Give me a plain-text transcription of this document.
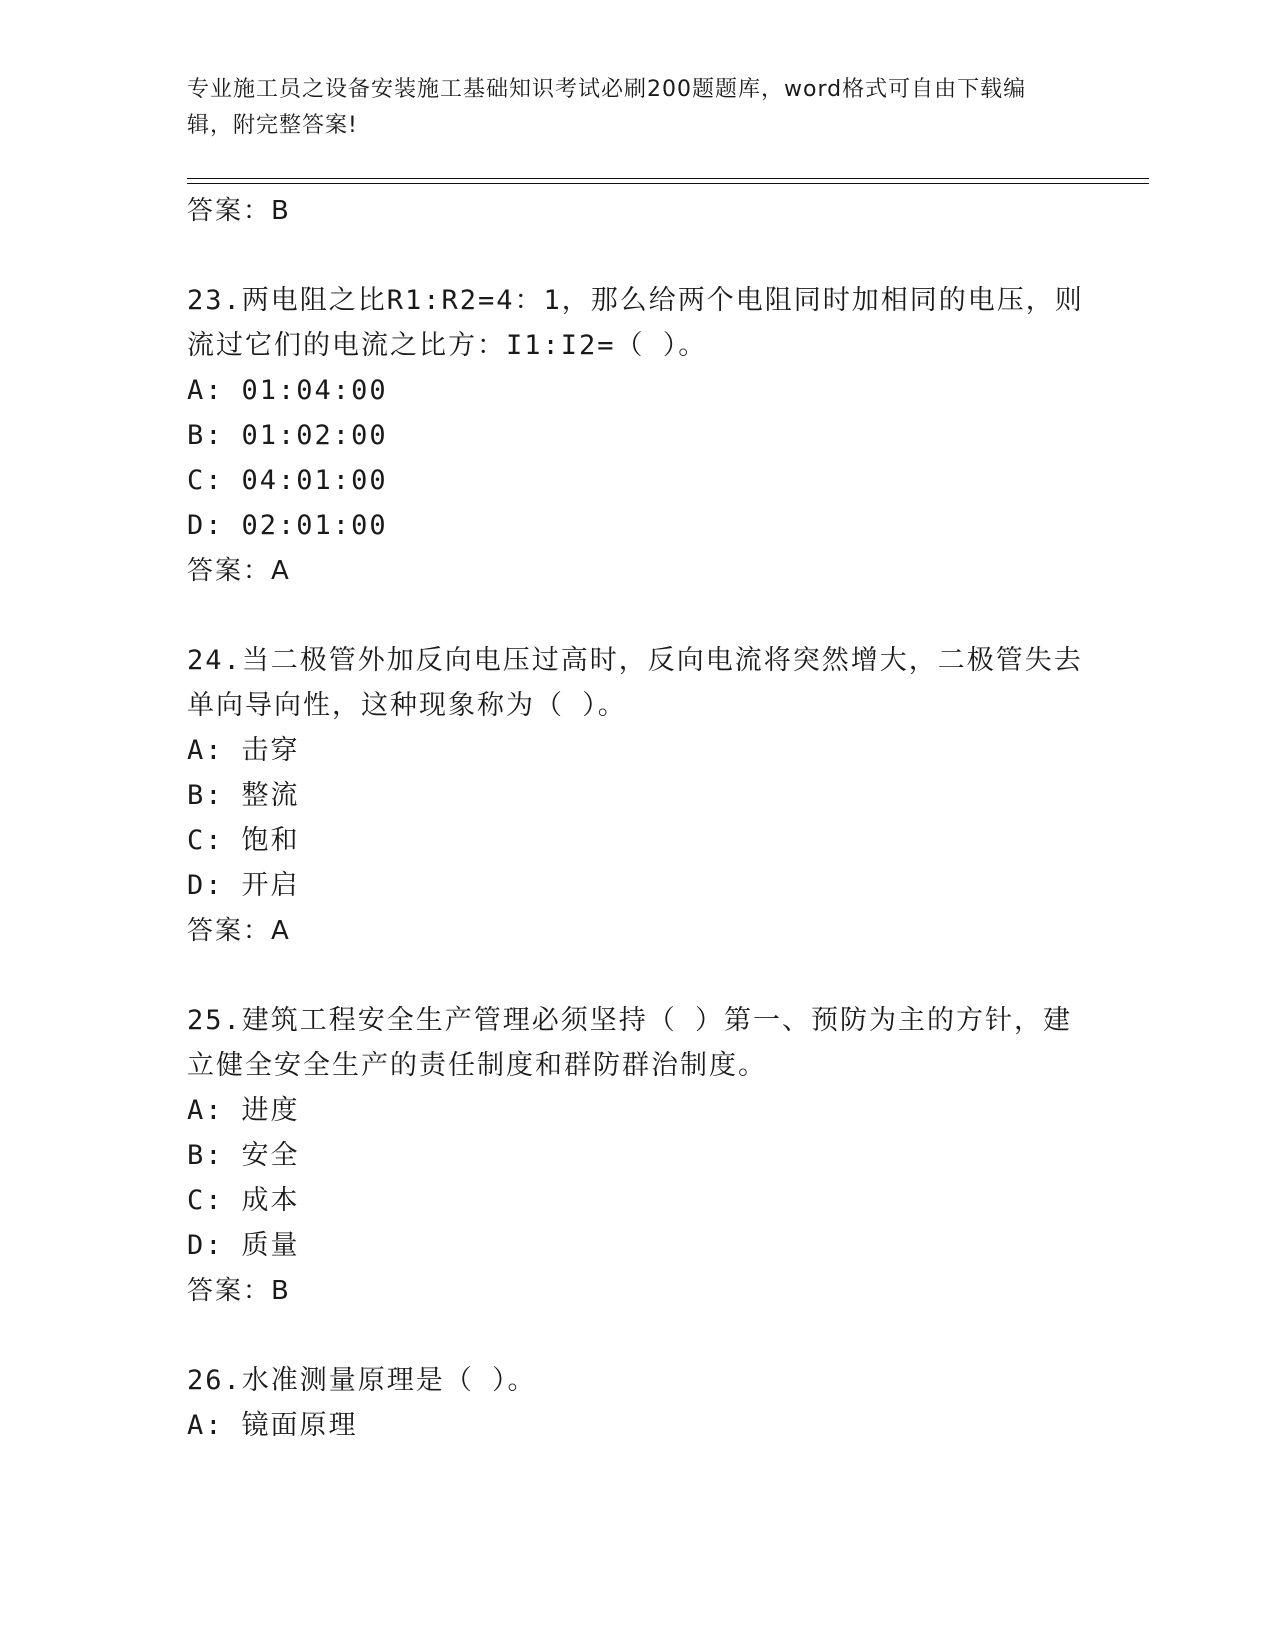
专业施工员之设备安装施工基础知识考试必刷200题题库，word格式可自由下载编辑，附完整答案!
答案：B
23.两电阻之比R1:R2=4：1，那么给两个电阻同时加相同的电压，则流过它们的电流之比方：I1:I2=（ ）。
A : 01:04:00
B : 01:02:00
C : 04:01:00
D : 02:01:00
答案：A
24.当二极管外加反向电压过高时，反向电流将突然增大，二极管失去单向导向性，这种现象称为（ ）。
A : 击穿
B : 整流
C : 饱和
D : 开启
答案：A
25.建筑工程安全生产管理必须坚持（ ）第一、预防为主的方针，建立健全安全生产的责任制度和群防群治制度。
A : 进度
B : 安全
C : 成本
D : 质量
答案：B
26.水准测量原理是（ ）。
A : 镜面原理
